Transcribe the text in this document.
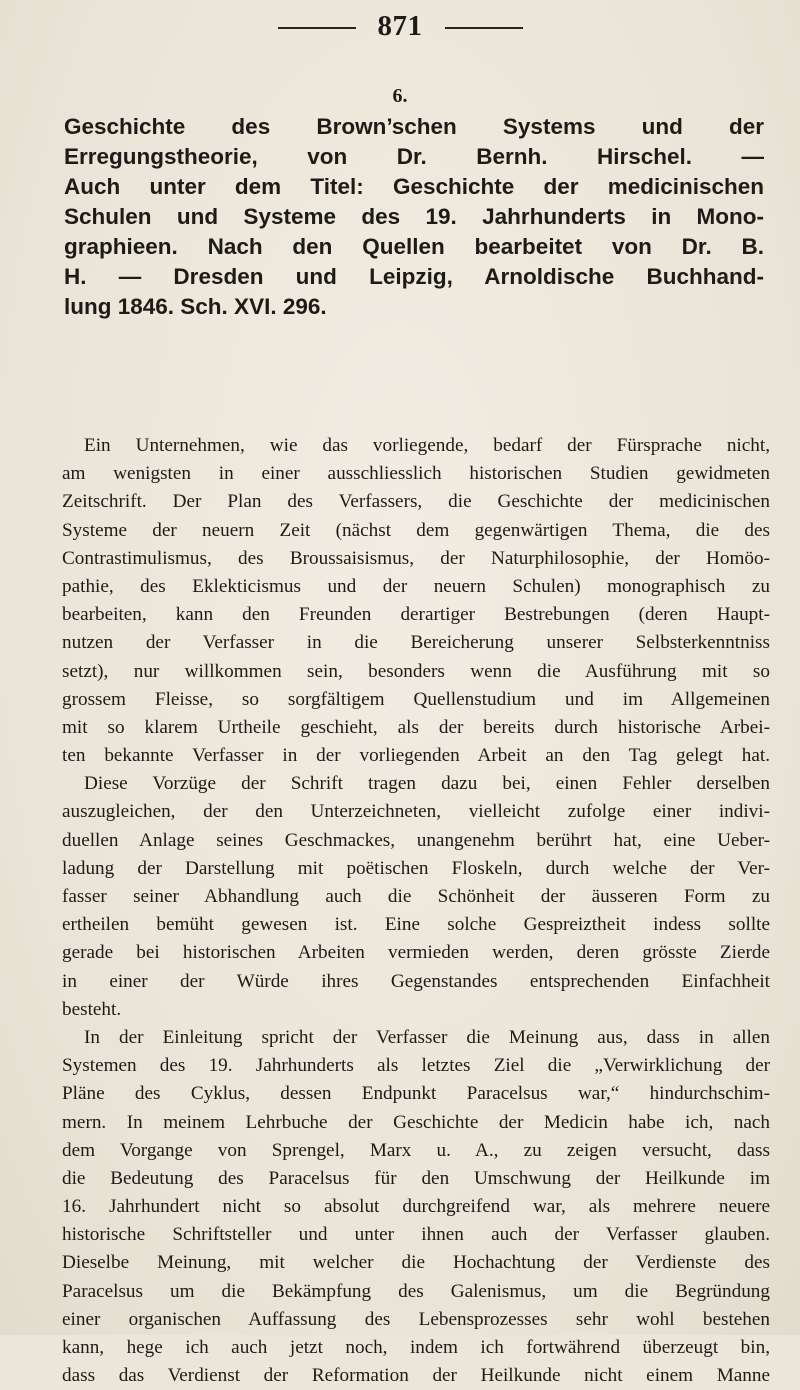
871
6.
Geschichte des Brown’schen Systems und der
Erregungstheorie, von Dr. Bernh. Hirschel. —
Auch unter dem Titel: Geschichte der medicinischen
Schulen und Systeme des 19. Jahrhunderts in Mono-
graphieen. Nach den Quellen bearbeitet von Dr. B.
H. — Dresden und Leipzig, Arnoldische Buchhand-
lung 1846. Sch. XVI. 296.
Ein Unternehmen, wie das vorliegende, bedarf der Fürsprache nicht,
am wenigsten in einer ausschliesslich historischen Studien gewidmeten
Zeitschrift. Der Plan des Verfassers, die Geschichte der medicinischen
Systeme der neuern Zeit (nächst dem gegenwärtigen Thema, die des
Contrastimulismus, des Broussaisismus, der Naturphilosophie, der Homöo-
pathie, des Eklekticismus und der neuern Schulen) monographisch zu
bearbeiten, kann den Freunden derartiger Bestrebungen (deren Haupt-
nutzen der Verfasser in die Bereicherung unserer Selbsterkenntniss
setzt), nur willkommen sein, besonders wenn die Ausführung mit so
grossem Fleisse, so sorgfältigem Quellenstudium und im Allgemeinen
mit so klarem Urtheile geschieht, als der bereits durch historische Arbei-
ten bekannte Verfasser in der vorliegenden Arbeit an den Tag gelegt hat.
Diese Vorzüge der Schrift tragen dazu bei, einen Fehler derselben
auszugleichen, der den Unterzeichneten, vielleicht zufolge einer indivi-
duellen Anlage seines Geschmackes, unangenehm berührt hat, eine Ueber-
ladung der Darstellung mit poëtischen Floskeln, durch welche der Ver-
fasser seiner Abhandlung auch die Schönheit der äusseren Form zu
ertheilen bemüht gewesen ist. Eine solche Gespreiztheit indess sollte
gerade bei historischen Arbeiten vermieden werden, deren grösste Zierde
in einer der Würde ihres Gegenstandes entsprechenden Einfachheit
besteht.
In der Einleitung spricht der Verfasser die Meinung aus, dass in allen
Systemen des 19. Jahrhunderts als letztes Ziel die „Verwirklichung der
Pläne des Cyklus, dessen Endpunkt Paracelsus war,“ hindurchschim-
mern. In meinem Lehrbuche der Geschichte der Medicin habe ich, nach
dem Vorgange von Sprengel, Marx u. A., zu zeigen versucht, dass
die Bedeutung des Paracelsus für den Umschwung der Heilkunde im
16. Jahrhundert nicht so absolut durchgreifend war, als mehrere neuere
historische Schriftsteller und unter ihnen auch der Verfasser glauben.
Dieselbe Meinung, mit welcher die Hochachtung der Verdienste des
Paracelsus um die Bekämpfung des Galenismus, um die Begründung
einer organischen Auffassung des Lebensprozesses sehr wohl bestehen
kann, hege ich auch jetzt noch, indem ich fortwährend überzeugt bin,
dass das Verdienst der Reformation der Heilkunde nicht einem Manne
